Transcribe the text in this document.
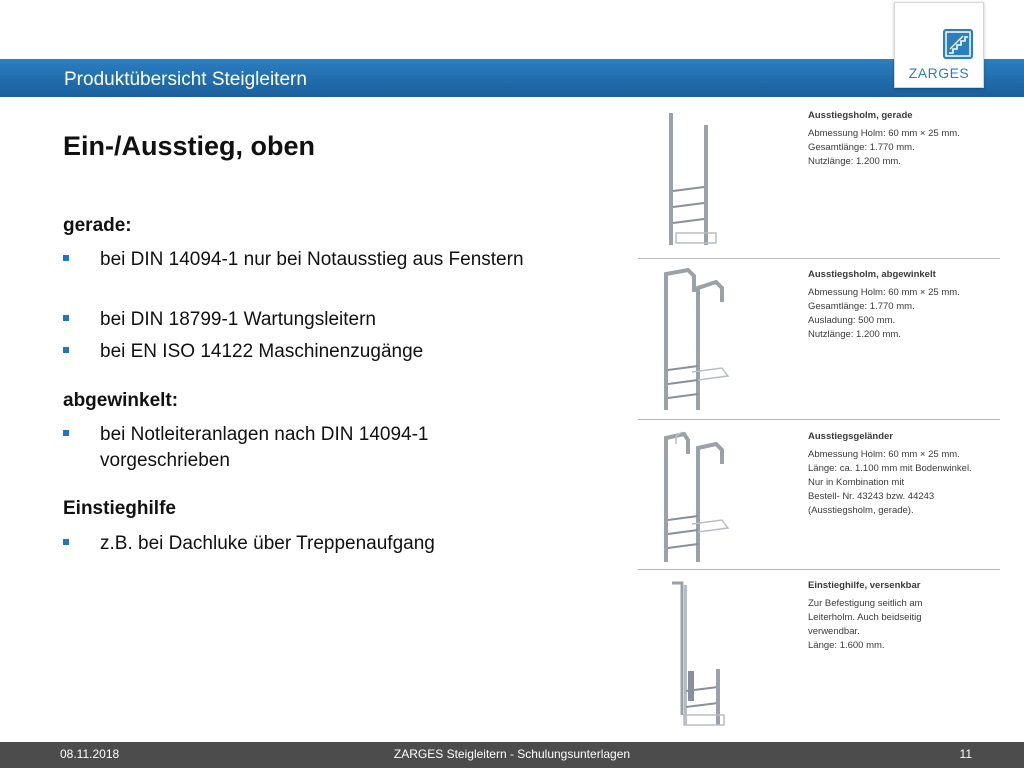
Produktübersicht Steigleitern	ZARGES
Ein-/Ausstieg, oben
gerade:
bei DIN 14094-1 nur bei Notausstieg aus Fenstern
bei DIN 18799-1 Wartungsleitern
bei EN ISO 14122 Maschinenzugänge
abgewinkelt:
bei Notleiteranlagen nach DIN 14094-1 vorgeschrieben
Einstieghilfe
z.B. bei Dachluke über Treppenaufgang
Ausstiegsholm, gerade
Abmessung Holm: 60 mm × 25 mm.
Gesamtlänge: 1.770 mm.
Nutzlänge: 1.200 mm.
Ausstiegsholm, abgewinkelt
Abmessung Holm: 60 mm × 25 mm.
Gesamtlänge: 1.770 mm.
Ausladung: 500 mm.
Nutzlänge: 1.200 mm.
Ausstiegsgeländer
Abmessung Holm: 60 mm × 25 mm.
Länge: ca. 1.100 mm mit Bodenwinkel.
Nur in Kombination mit
Bestell- Nr. 43243 bzw. 44243
(Ausstiegsholm, gerade).
Einstieghilfe, versenkbar
Zur Befestigung seitlich am
Leiterholm. Auch beidseitig
verwendbar.
Länge: 1.600 mm.
ZARGES Steigleitern - Schulungsunterlagen
08.11.2018	11
